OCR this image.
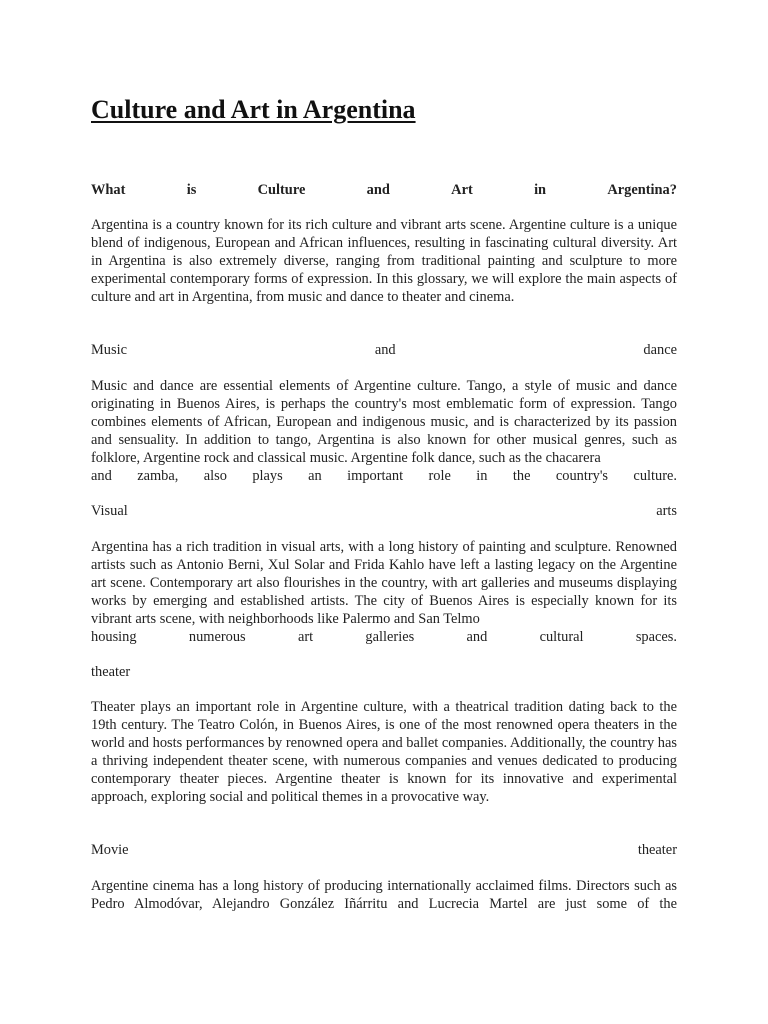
Culture and Art in Argentina
What	is	Culture	and	Art	in	Argentina?

Argentina is a country known for its rich culture and vibrant arts scene. Argentine culture is a unique blend of indigenous, European and African influences, resulting in fascinating cultural diversity. Art in Argentina is also extremely diverse, ranging from traditional painting and sculpture to more experimental contemporary forms of expression. In this glossary, we will explore the main aspects of culture and art in Argentina, from music and dance to theater and cinema.

Music	and	dance
Music and dance are essential elements of Argentine culture. Tango, a style of music and dance originating in Buenos Aires, is perhaps the country's most emblematic form of expression. Tango combines elements of African, European and indigenous music, and is characterized by its passion and sensuality. In addition to tango, Argentina is also known for other musical genres, such as folklore, Argentine rock and classical music. Argentine folk dance, such as the chacarera
and zamba, also plays an important role in the country's culture.
Visual	arts
Argentina has a rich tradition in visual arts, with a long history of painting and sculpture. Renowned artists such as Antonio Berni, Xul Solar and Frida Kahlo have left a lasting legacy on the Argentine art scene. Contemporary art also flourishes in the country, with art galleries and museums displaying works by emerging and established artists. The city of Buenos Aires is especially known for its vibrant arts scene, with neighborhoods like Palermo and San Telmo
housing numerous art galleries and cultural spaces.
theater

Theater plays an important role in Argentine culture, with a theatrical tradition dating back to the 19th century. The Teatro Colón, in Buenos Aires, is one of the most renowned opera theaters in the world and hosts performances by renowned opera and ballet companies. Additionally, the country has a thriving independent theater scene, with numerous companies and venues dedicated to producing contemporary theater pieces. Argentine theater is known for its innovative and experimental approach, exploring social and political themes in a provocative way.

Movie	theater

Argentine cinema has a long history of producing internationally acclaimed films. Directors such as Pedro Almodóvar, Alejandro González Iñárritu and Lucrecia Martel are just some of the
